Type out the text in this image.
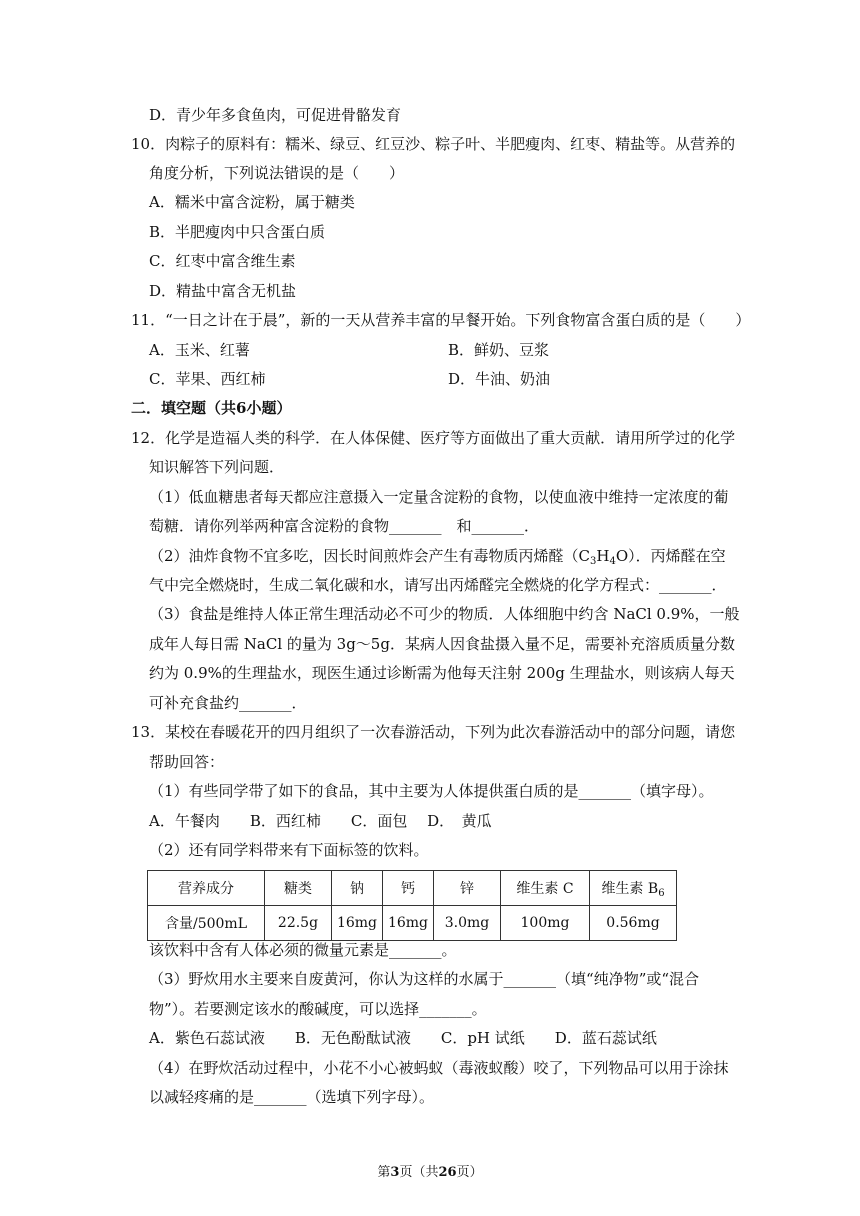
D．青少年多食鱼肉，可促进骨骼发育
10．肉粽子的原料有：糯米、绿豆、红豆沙、粽子叶、半肥瘦肉、红枣、精盐等。从营养的
角度分析，下列说法错误的是（　　）
A．糯米中富含淀粉，属于糖类
B．半肥瘦肉中只含蛋白质
C．红枣中富含维生素
D．精盐中富含无机盐
11．“一日之计在于晨”，新的一天从营养丰富的早餐开始。下列食物富含蛋白质的是（　　）
A．玉米、红薯	B．鲜奶、豆浆
C．苹果、西红柿	D．牛油、奶油
二．填空题（共6小题）
12．化学是造福人类的科学．在人体保健、医疗等方面做出了重大贡献．请用所学过的化学
知识解答下列问题．
（1）低血糖患者每天都应注意摄入一定量含淀粉的食物，以使血液中维持一定浓度的葡
萄糖．请你列举两种富含淀粉的食物_______　和_______．
（2）油炸食物不宜多吃，因长时间煎炸会产生有毒物质丙烯醛$(C_3H_4O)$．丙烯醛在空
气中完全燃烧时，生成二氧化碳和水，请写出丙烯醛完全燃烧的化学方程式：_______．
（3）食盐是维持人体正常生理活动必不可少的物质．人体细胞中约含 NaCl 0.9%，一般
成年人每日需 NaCl 的量为 3g～5g．某病人因食盐摄入量不足，需要补充溶质质量分数
约为 0.9%的生理盐水，现医生通过诊断需为他每天注射 200g 生理盐水，则该病人每天
可补充食盐约_______．
13．某校在春暖花开的四月组织了一次春游活动，下列为此次春游活动中的部分问题，请您
帮助回答：
（1）有些同学带了如下的食品，其中主要为人体提供蛋白质的是_______（填字母）。
A．午餐肉　　B．西红柿　　C．面包　 D．　黄瓜
（2）还有同学料带来有下面标签的饮料。
营养成分	糖类	钠	钙	锌	维生素 C	维生素 $B_6$
含量/500mL	22.5g	16mg	16mg	3.0mg	100mg	0.56mg
该饮料中含有人体必须的微量元素是_______。
（3）野炊用水主要来自废黄河，你认为这样的水属于_______（填“纯净物”或“混合
物”）。若要测定该水的酸碱度，可以选择_______。
A．紫色石蕊试液　　B．无色酚酞试液　　C．pH 试纸　　D．蓝石蕊试纸
（4）在野炊活动过程中，小花不小心被蚂蚁（毒液蚁酸）咬了，下列物品可以用于涂抹
以减轻疼痛的是_______（选填下列字母）。
第3页（共26页）
